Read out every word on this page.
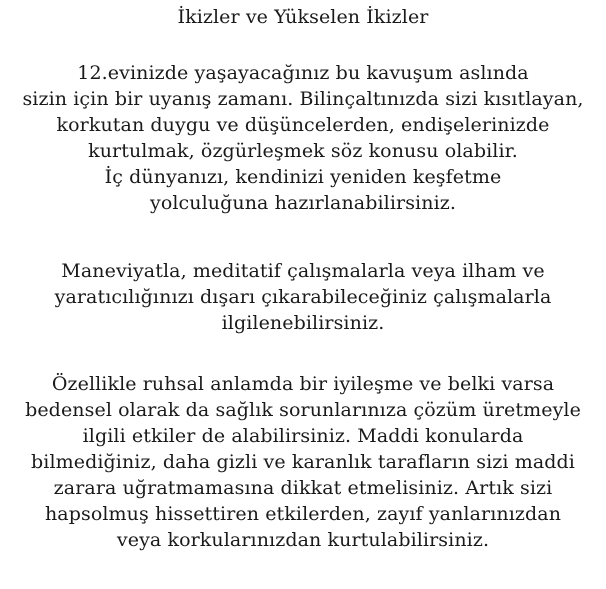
İkizler ve Yükselen İkizler

12.evinizde yaşayacağınız bu kavuşum aslında
sizin için bir uyanış zamanı. Bilinçaltınızda sizi kısıtlayan,
korkutan duygu ve düşüncelerden, endişelerinizde
kurtulmak, özgürleşmek söz konusu olabilir.
İç dünyanızı, kendinizi yeniden keşfetme
yolculuğuna hazırlanabilirsiniz.

Maneviyatla, meditatif çalışmalarla veya ilham ve
yaratıcılığınızı dışarı çıkarabileceğiniz çalışmalarla
ilgilenebilirsiniz.

Özellikle ruhsal anlamda bir iyileşme ve belki varsa
bedensel olarak da sağlık sorunlarınıza çözüm üretmeyle
ilgili etkiler de alabilirsiniz. Maddi konularda
bilmediğiniz, daha gizli ve karanlık tarafların sizi maddi
zarara uğratmamasına dikkat etmelisiniz. Artık sizi
hapsolmuş hissettiren etkilerden, zayıf yanlarınızdan
veya korkularınızdan kurtulabilirsiniz.
